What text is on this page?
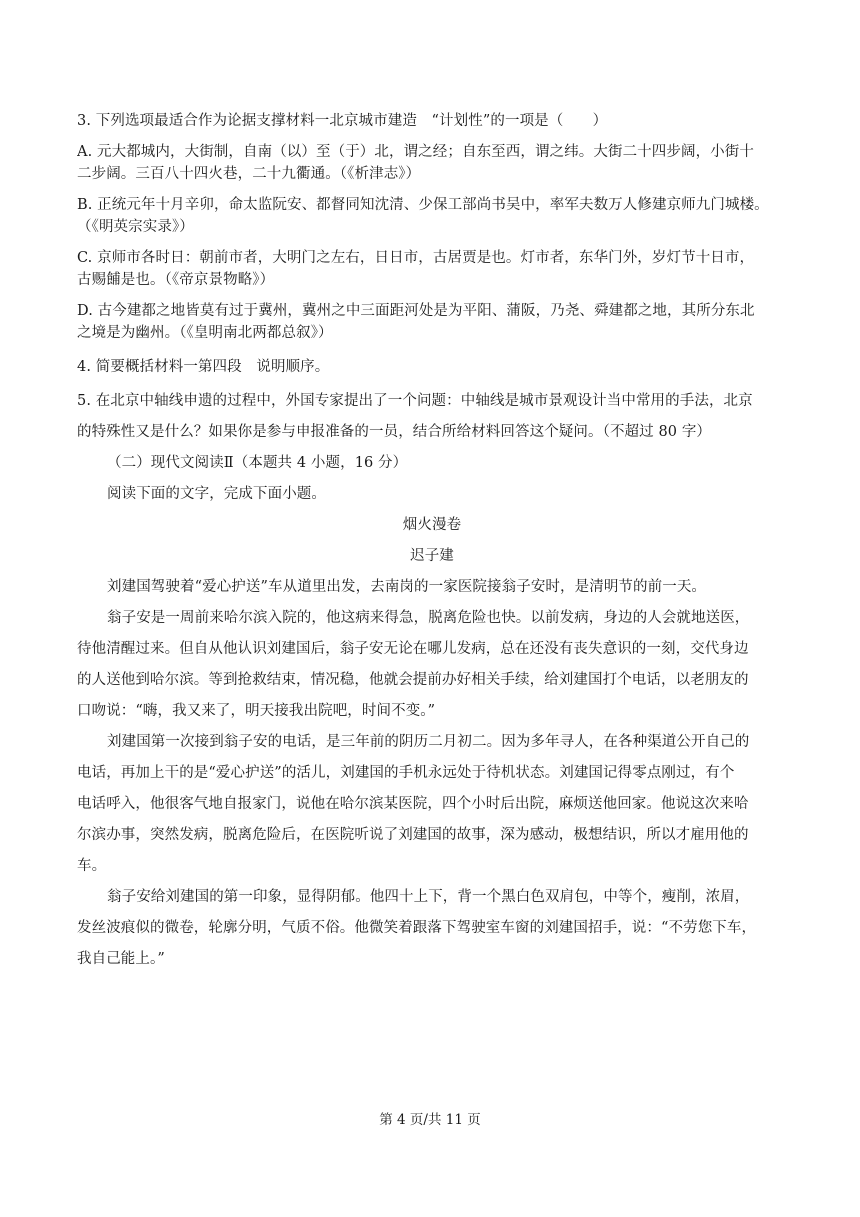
3. 下列选项最适合作为论据支撑材料一北京城市建造　“计划性”的一项是（　　）
A. 元大都城内，大街制，自南（以）至（于）北，谓之经；自东至西，谓之纬。大街二十四步阔，小街十
二步阔。三百八十四火巷，二十九衢通。（《析津志》）
B. 正统元年十月辛卯，命太监阮安、都督同知沈清、少保工部尚书吴中，率军夫数万人修建京师九门城楼。
（《明英宗实录》）
C. 京师市各时日：朝前市者，大明门之左右，日日市，古居贾是也。灯市者，东华门外，岁灯节十日市，
古赐餔是也。（《帝京景物略》）
D. 古今建都之地皆莫有过于冀州，冀州之中三面距河处是为平阳、蒲阪，乃尧、舜建都之地，其所分东北
之境是为幽州。（《皇明南北两都总叙》）
4. 简要概括材料一第四段　说明顺序。
5. 在北京中轴线申遗的过程中，外国专家提出了一个问题：中轴线是城市景观设计当中常用的手法，北京
的特殊性又是什么？如果你是参与申报准备的一员，结合所给材料回答这个疑问。（不超过 80 字）
（二）现代文阅读Ⅱ（本题共 4 小题，16 分）
阅读下面的文字，完成下面小题。
烟火漫卷
迟子建
刘建国驾驶着“爱心护送”车从道里出发，去南岗的一家医院接翁子安时，是清明节的前一天。
翁子安是一周前来哈尔滨入院的，他这病来得急，脱离危险也快。以前发病，身边的人会就地送医，
待他清醒过来。但自从他认识刘建国后，翁子安无论在哪儿发病，总在还没有丧失意识的一刻，交代身边
的人送他到哈尔滨。等到抢救结束，情况稳，他就会提前办好相关手续，给刘建国打个电话，以老朋友的
口吻说：“嗨，我又来了，明天接我出院吧，时间不变。”
刘建国第一次接到翁子安的电话，是三年前的阴历二月初二。因为多年寻人，在各种渠道公开自己的
电话，再加上干的是“爱心护送”的活儿，刘建国的手机永远处于待机状态。刘建国记得零点刚过，有个
电话呼入，他很客气地自报家门，说他在哈尔滨某医院，四个小时后出院，麻烦送他回家。他说这次来哈
尔滨办事，突然发病，脱离危险后，在医院听说了刘建国的故事，深为感动，极想结识，所以才雇用他的
车。
翁子安给刘建国的第一印象，显得阴郁。他四十上下，背一个黑白色双肩包，中等个，瘦削，浓眉，
发丝波痕似的微卷，轮廓分明，气质不俗。他微笑着跟落下驾驶室车窗的刘建国招手，说：“不劳您下车，
我自己能上。”
第 4 页/共 11 页
